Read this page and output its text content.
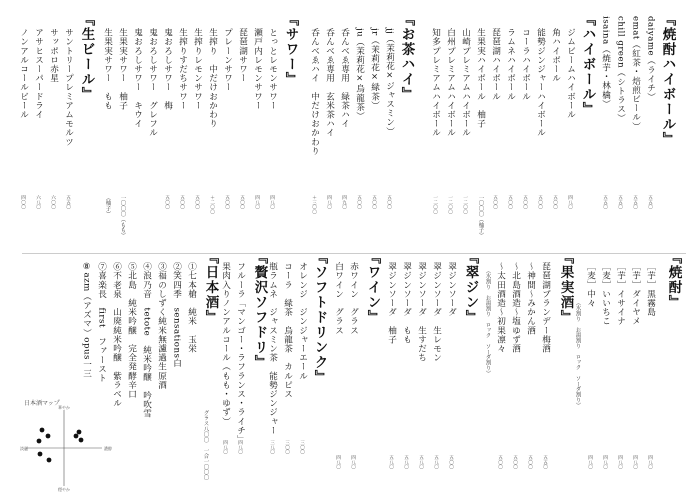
『焼酎ハイボール』
daiyame（ライチ）
emat（紅茶・焙煎ビール）
chill green（シトラス）
isaina（焼芋・林檎）
『ハイボール』
ジムビームハイボール
角ハイボール
能勢ジンジャーハイボール
コーラハイボール
ラムネハイボール
琵琶湖ハイボール
生果実ハイボール　柚子
山崎プレミアムハイボール
白州プレミアムハイボール
知多プレミアムハイボール
『お茶ハイ』
jj（茉莉花×ジャスミン）
jr（茉莉花×緑茶）
ju（茉莉花×烏龍茶）
呑んべゑ専用　緑茶ハイ
呑んべゑ専用　玄米茶ハイ
呑んべゑハイ　中だけおかわり
『サワー』
とっとレモンサワー
瀬戸内レモンサワー
琵琶湖サワー
プレーンサワー
生搾り　中だけおかわり
生搾りレモンサワー
生搾りすだちサワー
鬼おろしサワー　梅
鬼おろしサワー　グレフル
鬼おろしサワー　キウイ
生果実サワー　柚子
生果実サワー　もも
『生ビール』
サントリープレミアムモルツ
サッポロ赤星
アサヒスーパードライ
ノンアルコールビール
五五〇
五五〇
五五〇
五五〇
四八〇
五〇〇
五〇〇
五〇〇
五〇〇
五〇〇
一〇〇〇（柚子）
一二〇〇
一二〇〇
一二〇〇
五〇〇
五〇〇
五〇〇
四九〇
四八〇
＋三〇〇
四八〇
四八〇
五〇〇
五〇〇
＋二〇〇
五〇〇
五〇〇
五〇〇
一〇〇〇（もも）
（柚子）
五五〇
六〇〇
六八〇
四〇〇
『焼酎』
［芋］黒霧島
［芋］ダイヤメ
［芋］イサイナ
［麦］いいちこ
［麦］中々
（水割り　お湯割り　ロック　ソーダ割り）
『果実酒』
琵琶湖ブランデー梅酒
～神間～みかん酒
～北島酒造～塩ゆず酒
～太田酒造～初果凛々
（水割り　お湯割り　ロック　ソーダ割り）
『翠ジン』
翠ジンソーダ
翠ジンソーダ　生レモン
翠ジンソーダ　生すだち
翠ジンソーダ　もも
翠ジンソーダ　柚子
『ワイン』
赤ワイン　グラス
白ワイン　グラス
『ソフトドリンク』
オレンジ　ジンジャーエール
コーラ　緑茶　烏龍茶　カルピス
瓶ラムネ　ジャスミン茶　能勢ジンジャー
『贅沢ソフドリ』
フルーラ「マンゴー・ラフランス・ライチ」
果肉入りノンアルコール（もも・ゆず）
『日本酒』
①七本槍　純米　玉栄
②笑四季　sensations白
③福のしずく純米無濾過生原酒
④浪乃音　tetote　純米吟醸　吟吹雪
⑤北島　純米吟醸　完全発酵辛口
⑥不老泉　山廃純米吟醸　紫ラベル
⑦喜楽長　first　ファースト
⑧azm（アズマ）opus一三
四八〇
四八〇
四八〇
四八〇
四八〇
五五〇
五〇〇
五〇〇
五〇〇
五〇〇
五八〇
五八〇
五八〇
五八〇
四八〇
四八〇
三〇〇
三〇〇
三八〇
四八〇
四八〇
グラス八〇〇　一合一〇〇〇
日本酒マップ
華やか
穏やか
淡麗	濃醇
